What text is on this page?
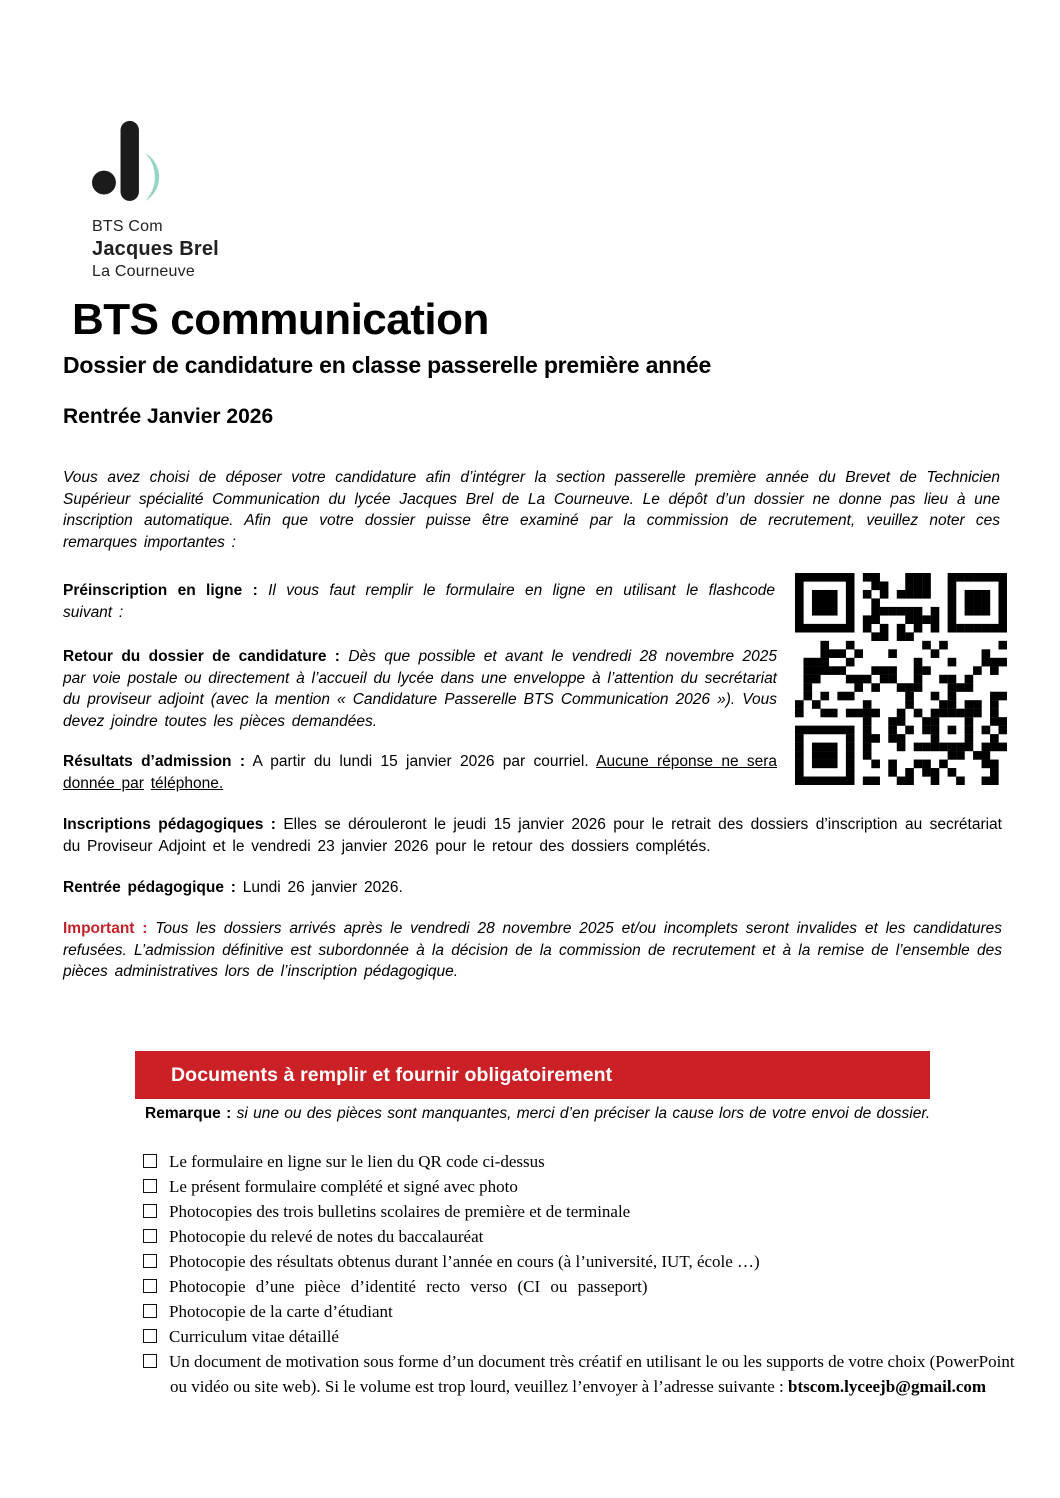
BTS Com
Jacques Brel
La Courneuve
BTS communication
Dossier de candidature en classe passerelle première année
Rentrée Janvier 2026

Vous avez choisi de déposer votre candidature afin d’intégrer la section passerelle première année du Brevet de Technicien Supérieur spécialité Communication du lycée Jacques Brel de La Courneuve. Le dépôt d’un dossier ne donne pas lieu à une inscription automatique. Afin que votre dossier puisse être examiné par la commission de recrutement, veuillez noter ces remarques importantes :

Préinscription en ligne : Il vous faut remplir le formulaire en ligne en utilisant le flashcode suivant :

Retour du dossier de candidature : Dès que possible et avant le vendredi 28 novembre 2025 par voie postale ou directement à l’accueil du lycée dans une enveloppe à l’attention du secrétariat du proviseur adjoint (avec la mention « Candidature Passerelle BTS Communication 2026 »). Vous devez joindre toutes les pièces demandées.

Résultats d’admission : A partir du lundi 15 janvier 2026 par courriel. Aucune réponse ne sera donnée par téléphone.

Inscriptions pédagogiques : Elles se dérouleront le jeudi 15 janvier 2026 pour le retrait des dossiers d’inscription au secrétariat du Proviseur Adjoint et le vendredi 23 janvier 2026 pour le retour des dossiers complétés.

Rentrée pédagogique : Lundi 26 janvier 2026.

Important : Tous les dossiers arrivés après le vendredi 28 novembre 2025 et/ou incomplets seront invalides et les candidatures refusées. L’admission définitive est subordonnée à la décision de la commission de recrutement et à la remise de l’ensemble des pièces administratives lors de l’inscription pédagogique.

Documents à remplir et fournir obligatoirement

Remarque : si une ou des pièces sont manquantes, merci d’en préciser la cause lors de votre envoi de dossier.

Le formulaire en ligne sur le lien du QR code ci-dessus
Le présent formulaire complété et signé avec photo
Photocopies des trois bulletins scolaires de première et de terminale
Photocopie du relevé de notes du baccalauréat
Photocopie des résultats obtenus durant l’année en cours (à l’université, IUT, école …)
Photocopie d’une pièce d’identité recto verso (CI ou passeport)
Photocopie de la carte d’étudiant
Curriculum vitae détaillé
Un document de motivation sous forme d’un document très créatif en utilisant le ou les supports de votre choix (PowerPoint ou vidéo ou site web). Si le volume est trop lourd, veuillez l’envoyer à l’adresse suivante : btscom.lyceejb@gmail.com
